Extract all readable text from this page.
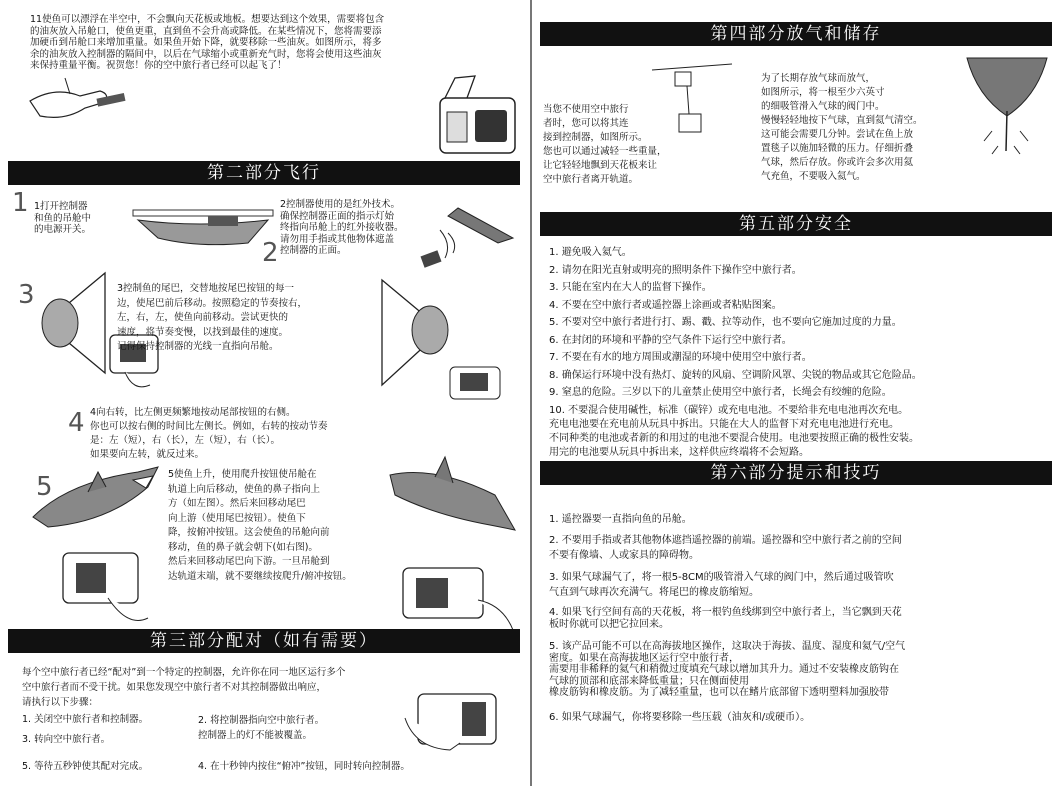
11使鱼可以漂浮在半空中，不会飘向天花板或地板。想要达到这个效果，需要将包含
的油灰放入吊舱口，使鱼更重，直到鱼不会升高或降低。在某些情况下，您将需要添
加硬币到吊舱口来增加重量。如果鱼开始下降，就要移除一些油灰。如图所示，将多
余的油灰放入控制器的隔间中，以后在气球缩小或重新充气时，您将会使用这些油灰
来保持重量平衡。祝贺您！你的空中旅行者已经可以起飞了！
第二部分飞行
1 1打开控制器
和鱼的吊舱中
的电源开关。
2
2控制器使用的是红外技术。
确保控制器正面的指示灯始
终指向吊舱上的红外接收器。
请勿用手指或其他物体遮盖
控制器的正面。
3	3控制鱼的尾巴，交替地按尾巴按钮的每一
边，使尾巴前后移动。按照稳定的节奏按右，
左，右，左，使鱼向前移动。尝试更快的
速度，将节奏变慢，以找到最佳的速度。
记得保持控制器的光线一直指向吊舱。
4 4向右转，比左侧更频繁地按动尾部按钮的右侧。
你也可以按右侧的时间比左侧长。例如，右转的按动节奏
是：左（短），右（长），左（短），右（长）。
如果要向左转，就反过来。
5	5使鱼上升，使用爬升按钮使吊舱在
轨道上向后移动，使鱼的鼻子指向上
方（如左图）。然后来回移动尾巴
向上游（使用尾巴按钮）。使鱼下
降，按俯冲按钮。这会使鱼的吊舱向前
移动，鱼的鼻子就会朝下(如右图)。
然后来回移动尾巴向下游。一旦吊舱到
达轨道末端，就不要继续按爬升/俯冲按钮。
第三部分配对（如有需要）
每个空中旅行者已经“配对”到一个特定的控制器，允许你在同一地区运行多个
空中旅行者而不受干扰。如果您发现空中旅行者不对其控制器做出响应，
请执行以下步骤：
1. 关闭空中旅行者和控制器。	2. 将控制器指向空中旅行者。
控制器上的灯不能被覆盖。
3. 转向空中旅行者。
5. 等待五秒钟使其配对完成。	4. 在十秒钟内按住“俯冲”按钮，同时转向控制器。
第四部分放气和储存
当您不使用空中旅行
者时，您可以将其连
接到控制器，如图所示。
您也可以通过减轻一些重量，
让它轻轻地飘到天花板来让
空中旅行者离开轨道。
为了长期存放气球而放气，
如图所示，将一根至少六英寸
的细吸管滑入气球的阀门中。
慢慢轻轻地按下气球，直到氦气清空。
这可能会需要几分钟。尝试在鱼上放
置毯子以施加轻微的压力。仔细折叠
气球，然后存放。你或许会多次用氦
气充鱼，不要吸入氦气。
第五部分安全
1. 避免吸入氦气。
2. 请勿在阳光直射或明亮的照明条件下操作空中旅行者。
3. 只能在室内在大人的监督下操作。
4. 不要在空中旅行者或遥控器上涂画或者粘贴图案。
5. 不要对空中旅行者进行打、踢、戳、拉等动作，也不要向它施加过度的力量。
6. 在封闭的环境和平静的空气条件下运行空中旅行者。
7. 不要在有水的地方周围或潮湿的环境中使用空中旅行者。
8. 确保运行环境中没有热灯、旋转的风扇、空调阶风罩、尖锐的物品或其它危险品。
9. 窒息的危险。三岁以下的儿童禁止使用空中旅行者，长绳会有绞缠的危险。
10. 不要混合使用碱性，标准（碳锌）或充电电池。不要给非充电电池再次充电。
充电电池要在充电前从玩具中拆出。只能在大人的监督下对充电电池进行充电。
不同种类的电池或者新的和用过的电池不要混合使用。电池要按照正确的极性安装。
用完的电池要从玩具中拆出来，这样供应终端将不会短路。
第六部分提示和技巧
1. 遥控器要一直指向鱼的吊舱。
2. 不要用手指或者其他物体遮挡遥控器的前端。遥控器和空中旅行者之前的空间
不要有像墙、人或家具的障碍物。
3. 如果气球漏气了，将一根5-8CM的吸管滑入气球的阀门中，然后通过吸管吹
气直到气球再次充满气。将尾巴的橡皮筋缩短。
4. 如果飞行空间有高的天花板，将一根钓鱼线绑到空中旅行者上，当它飘到天花
板时你就可以把它拉回来。
5. 该产品可能不可以在高海拔地区操作，这取决于海拔、温度、湿度和氦气/空气
密度。如果在高海拔地区运行空中旅行者，
需要用非稀释的氦气和稍微过度填充气球以增加其升力。通过不安装橡皮筋钩在
气球的顶部和底部来降低重量；只在侧面使用
橡皮筋钩和橡皮筋。为了减轻重量，也可以在鳍片底部留下透明塑料加强胶带
6. 如果气球漏气，你将要移除一些压载（油灰和/或硬币）。
